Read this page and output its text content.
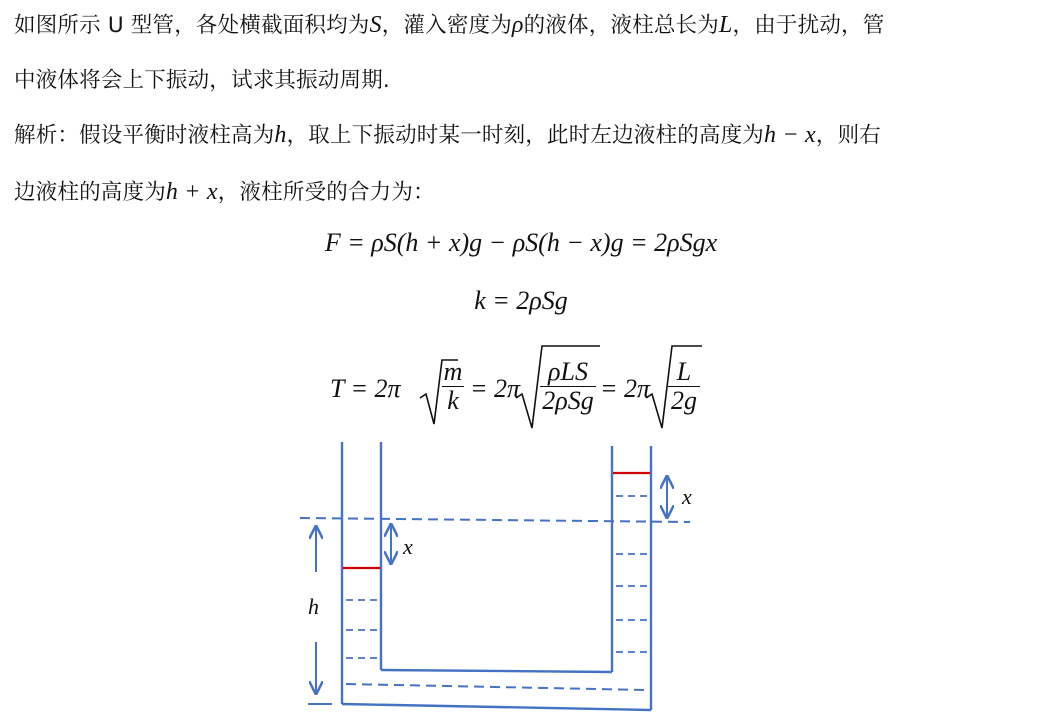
如图所示 U 型管，各处横截面积均为S，灌入密度为ρ的液体，液柱总长为L，由于扰动，管
中液体将会上下振动，试求其振动周期.
解析：假设平衡时液柱高为h，取上下振动时某一时刻，此时左边液柱的高度为h − x，则右
边液柱的高度为h + x，液柱所受的合力为：
F = ρS(h + x)g − ρS(h − x)g = 2ρSgx
k = 2ρSg
$T = 2\pi \frac{m}{k} = 2\pi$
ρLS
$2\rho Sg = 2\pi \frac{L}{2g}$
h
x
x
